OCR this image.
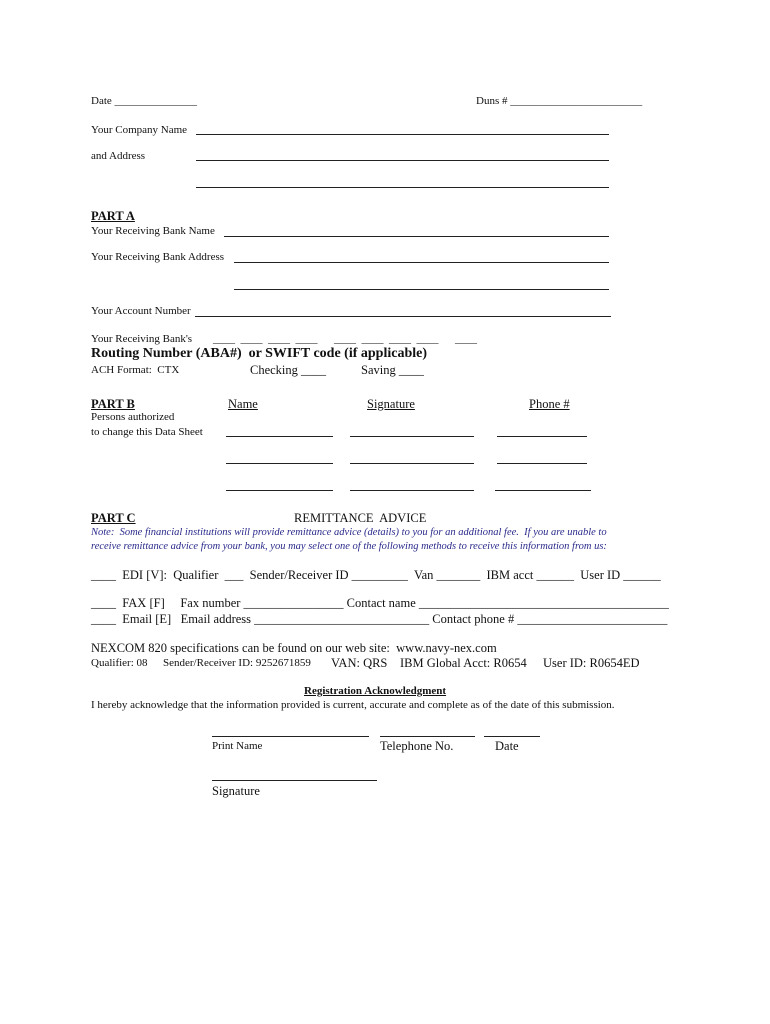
Date _______________	Duns # ________________________
Your Company Name
and Address
PART A
Your Receiving Bank Name
Your Receiving Bank Address
Your Account Number
Your Receiving Bank's ____  ____  ____  ____      ____  ____  ____  ____      ____
Routing Number (ABA#)  or SWIFT code (if applicable)
ACH Format:  CTX	Checking ____	Saving ____
PART B
Persons authorized
to change this Data Sheet
Name	Signature	Phone #
PART C	REMITTANCE  ADVICE
Note:  Some financial institutions will provide remittance advice (details) to you for an additional fee.  If you are unable to
receive remittance advice from your bank, you may select one of the following methods to receive this information from us:
____  EDI [V]:  Qualifier  ___  Sender/Receiver ID _________  Van _______  IBM acct ______  User ID ______
____  FAX [F]     Fax number ________________ Contact name ________________________________________
____  Email [E]   Email address ____________________________ Contact phone # ________________________
NEXCOM 820 specifications can be found on our web site:  www.navy-nex.com
Qualifier: 08 Sender/Receiver ID: 9252671859 VAN: QRS IBM Global Acct: R0654 User ID: R0654ED
Registration Acknowledgment
I hereby acknowledge that the information provided is current, accurate and complete as of the date of this submission.
Print Name	Telephone No.	Date
Signature
